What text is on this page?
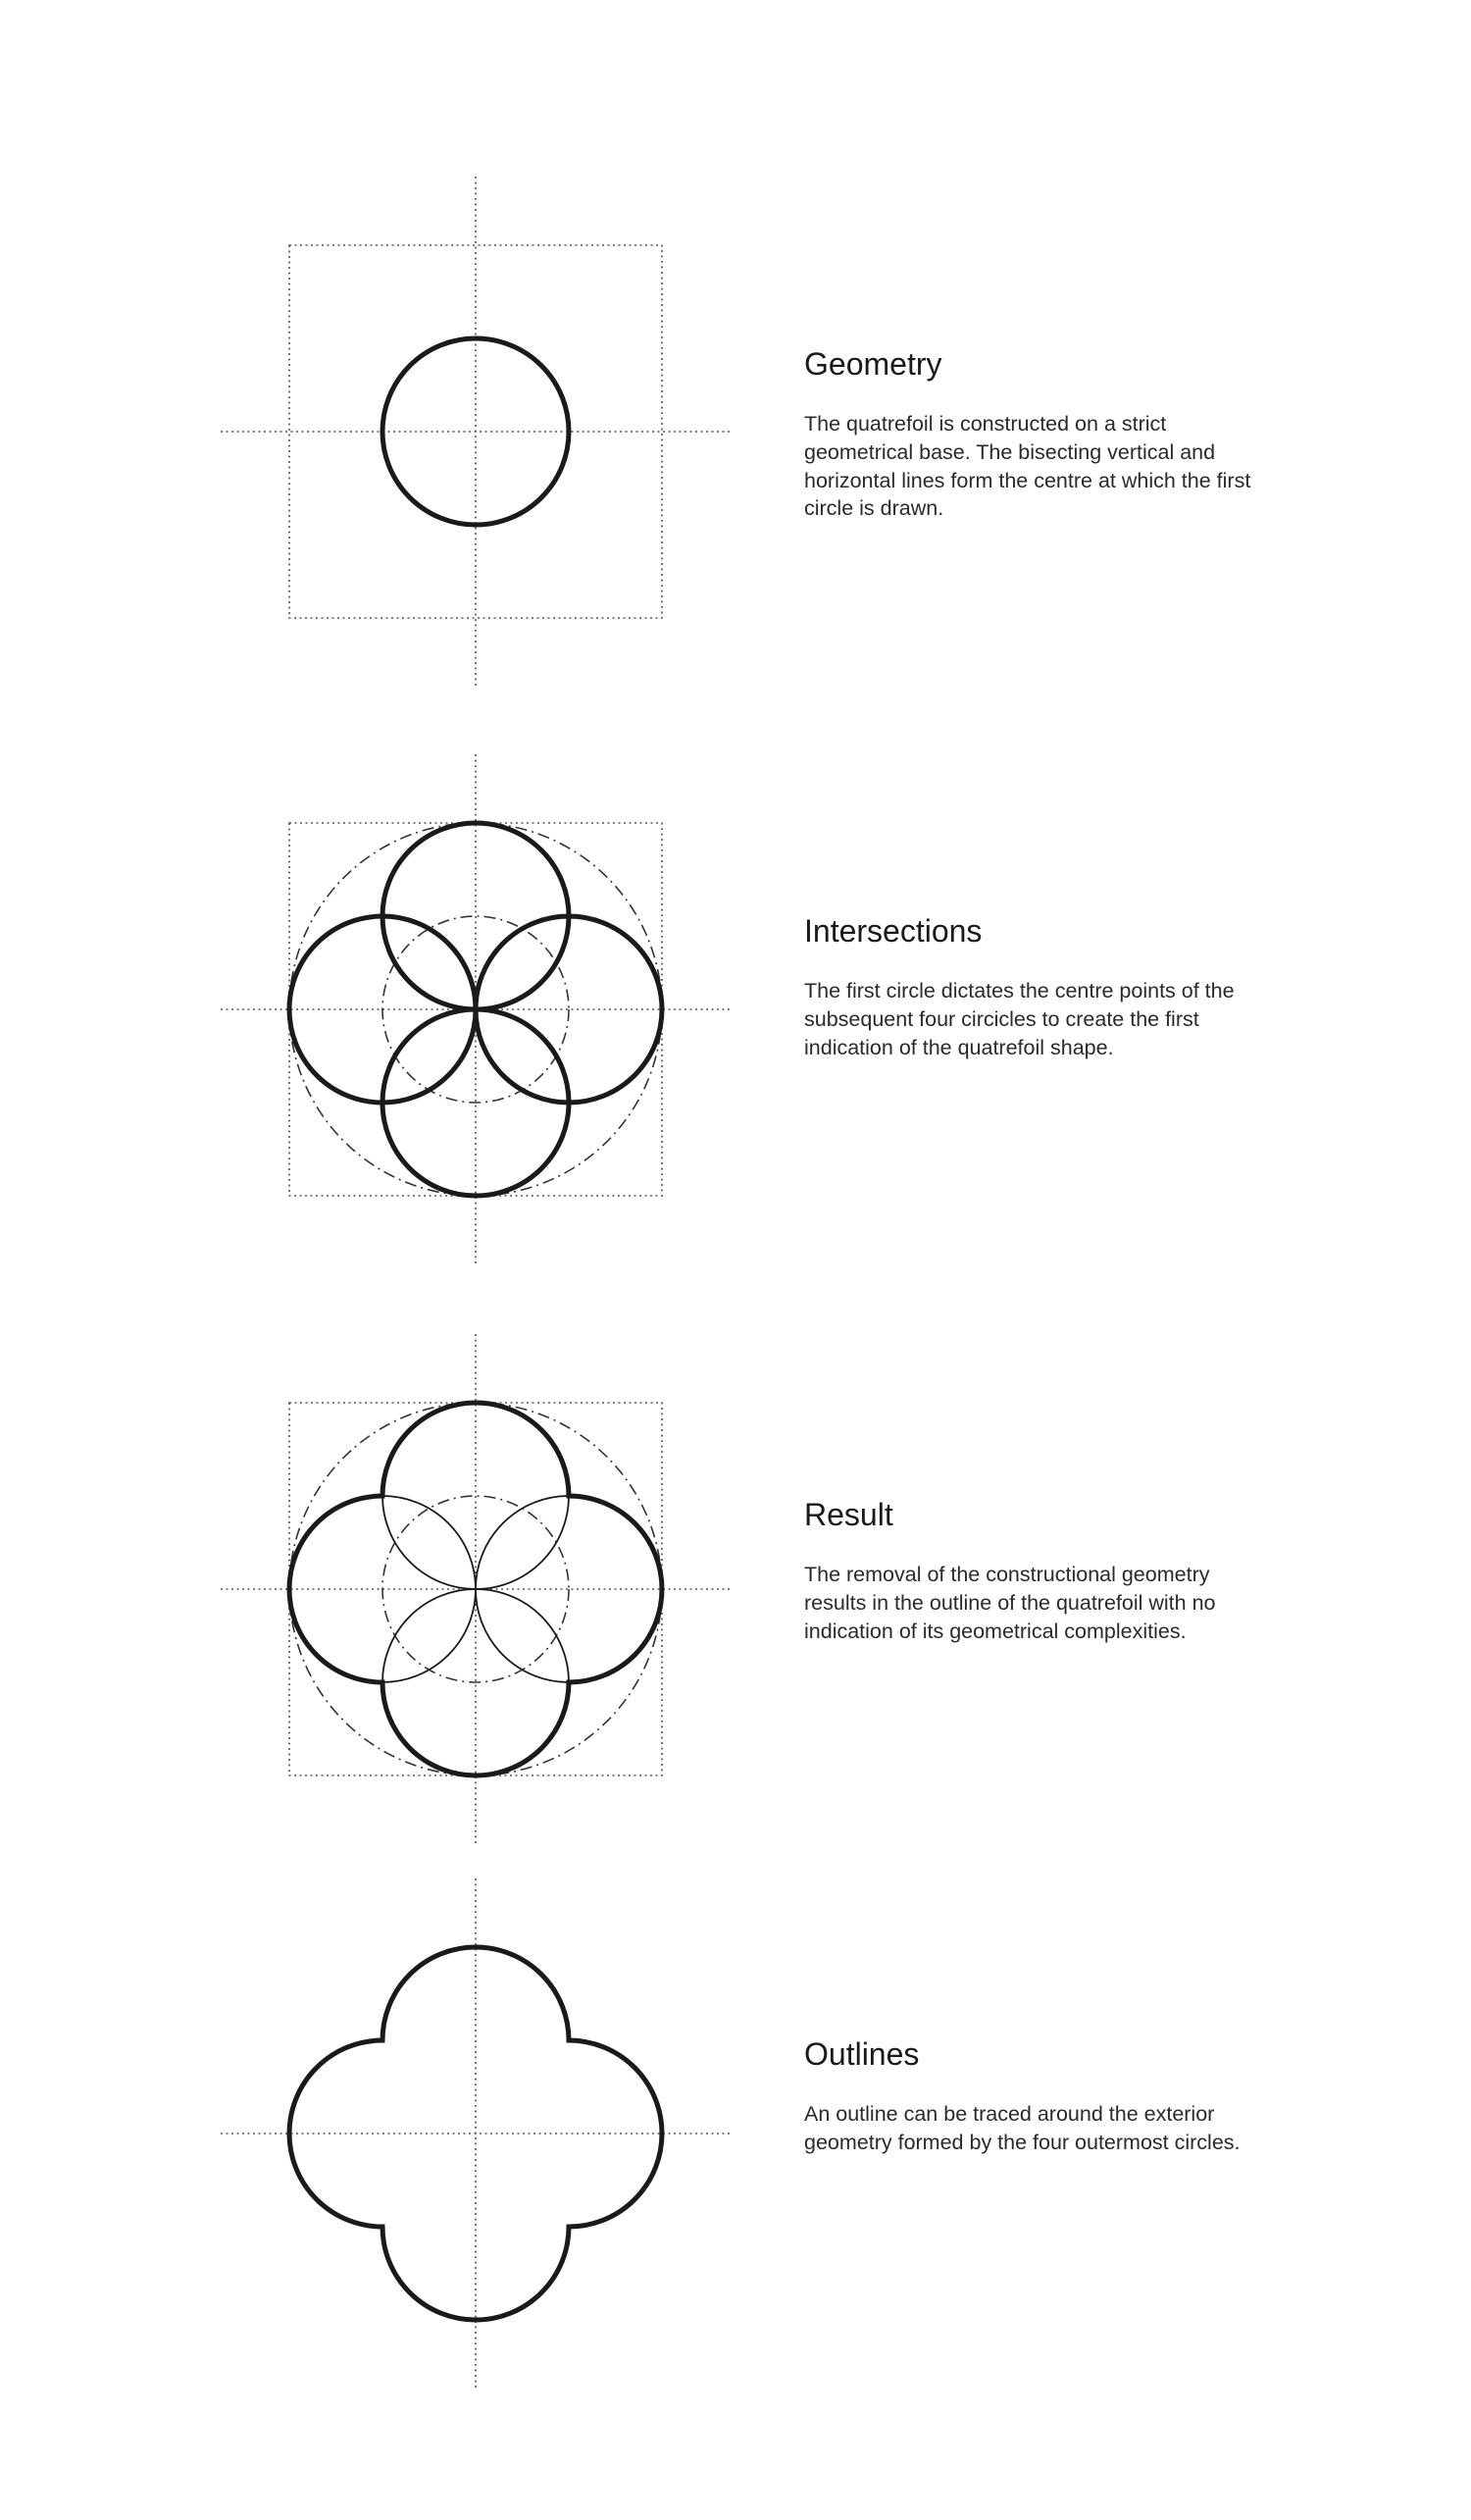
Geometry

The quatrefoil is constructed on a strict geometrical base. The bisecting vertical and horizontal lines form the centre at which the first circle is drawn.

Intersections

The first circle dictates the centre points of the subsequent four circicles to create the first indication of the quatrefoil shape.

Result

The removal of the constructional geometry results in the outline of the quatrefoil with no indication of its geometrical complexities.

Outlines

An outline can be traced around the exterior geometry formed by the four outermost circles.
